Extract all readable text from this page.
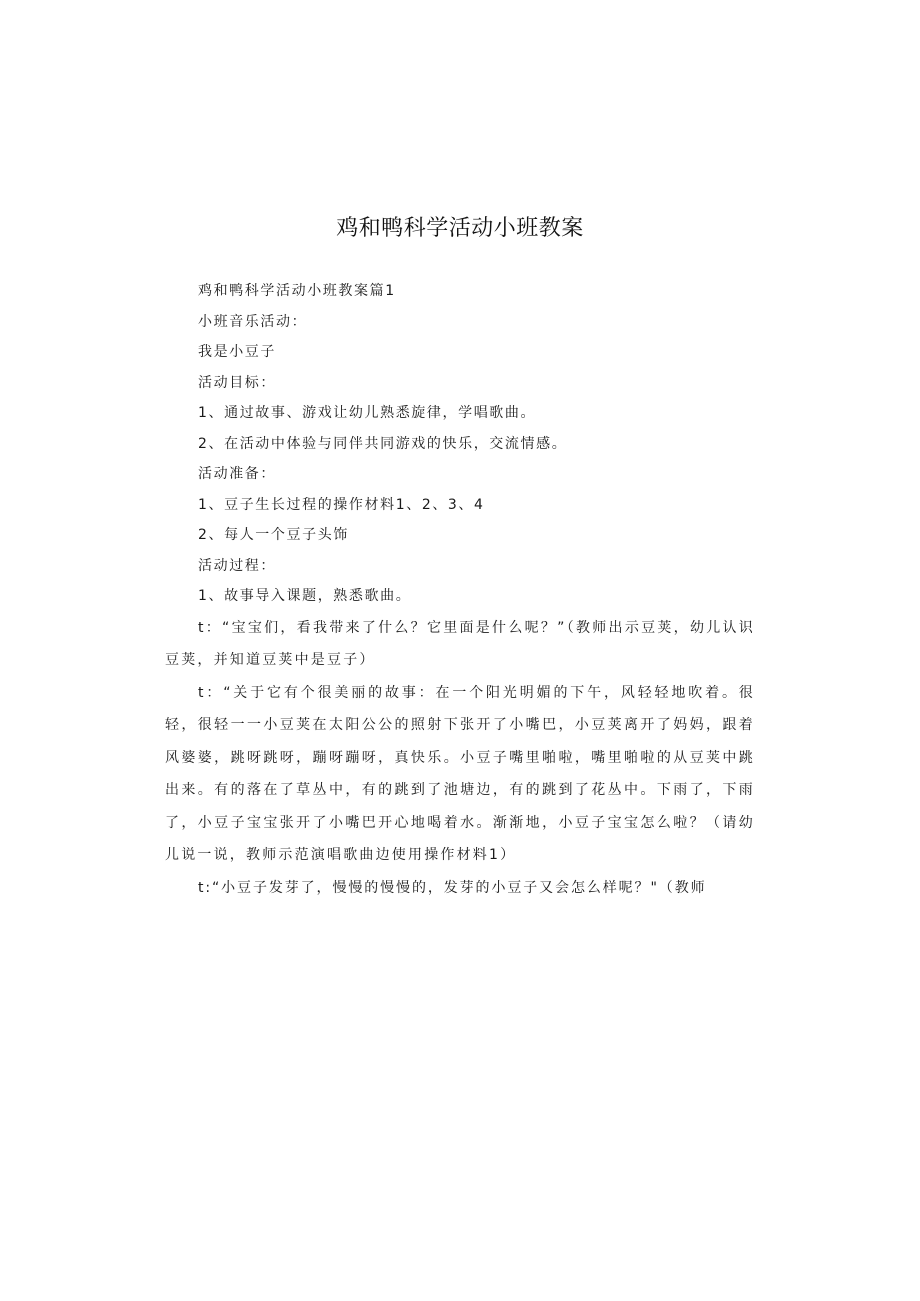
鸡和鸭科学活动小班教案

鸡和鸭科学活动小班教案篇1

小班音乐活动：

我是小豆子

活动目标：

1、通过故事、游戏让幼儿熟悉旋律，学唱歌曲。

2、在活动中体验与同伴共同游戏的快乐，交流情感。

活动准备：

1、豆子生长过程的操作材料1、2、3、4

2、每人一个豆子头饰

活动过程：

1、故事导入课题，熟悉歌曲。

t：“宝宝们，看我带来了什么？它里面是什么呢？”（教师出示豆荚，幼儿认识豆荚，并知道豆荚中是豆子）

t：“关于它有个很美丽的故事：在一个阳光明媚的下午，风轻轻地吹着。很轻，很轻一一小豆荚在太阳公公的照射下张开了小嘴巴，小豆荚离开了妈妈，跟着风婆婆，跳呀跳呀，蹦呀蹦呀，真快乐。小豆子嘴里啪啦，嘴里啪啦的从豆荚中跳出来。有的落在了草丛中，有的跳到了池塘边，有的跳到了花丛中。下雨了，下雨了，小豆子宝宝张开了小嘴巴开心地喝着水。渐渐地，小豆子宝宝怎么啦？（请幼儿说一说，教师示范演唱歌曲边使用操作材料1）

t:“小豆子发芽了，慢慢的慢慢的，发芽的小豆子又会怎么样呢？"（教师
